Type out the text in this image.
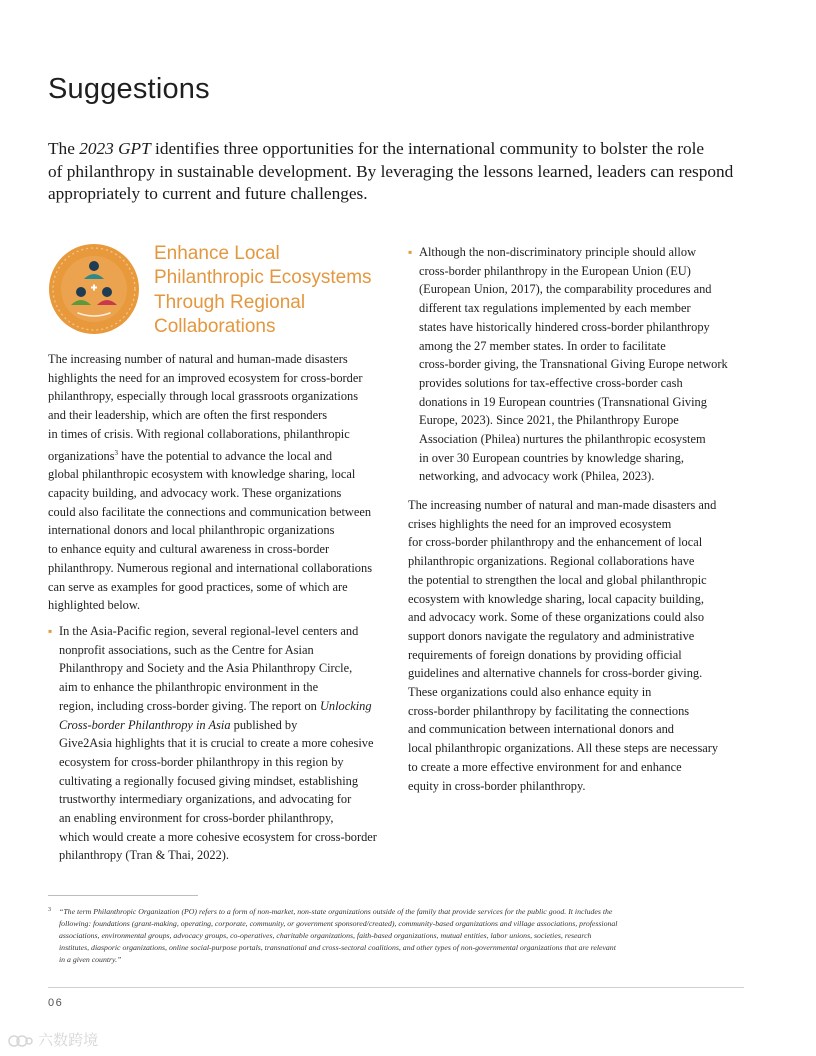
Suggestions
The 2023 GPT identifies three opportunities for the international community to bolster the role
of philanthropy in sustainable development. By leveraging the lessons learned, leaders can respond
appropriately to current and future challenges.
Enhance Local
Philanthropic Ecosystems
Through Regional
Collaborations
The increasing number of natural and human-made disasters
highlights the need for an improved ecosystem for cross-border
philanthropy, especially through local grassroots organizations
and their leadership, which are often the first responders
in times of crisis. With regional collaborations, philanthropic
organizations$^3$ have the potential to advance the local and
global philanthropic ecosystem with knowledge sharing, local
capacity building, and advocacy work. These organizations
could also facilitate the connections and communication between
international donors and local philanthropic organizations
to enhance equity and cultural awareness in cross-border
philanthropy. Numerous regional and international collaborations
can serve as examples for good practices, some of which are
highlighted below.
▪ In the Asia-Pacific region, several regional-level centers and
nonprofit associations, such as the Centre for Asian
Philanthropy and Society and the Asia Philanthropy Circle,
aim to enhance the philanthropic environment in the
region, including cross-border giving. The report on Unlocking
Cross-border Philanthropy in Asia published by
Give2Asia highlights that it is crucial to create a more cohesive
ecosystem for cross-border philanthropy in this region by
cultivating a regionally focused giving mindset, establishing
trustworthy intermediary organizations, and advocating for
an enabling environment for cross-border philanthropy,
which would create a more cohesive ecosystem for cross-border
philanthropy (Tran & Thai, 2022).
▪ Although the non-discriminatory principle should allow
cross-border philanthropy in the European Union (EU)
(European Union, 2017), the comparability procedures and
different tax regulations implemented by each member
states have historically hindered cross-border philanthropy
among the 27 member states. In order to facilitate
cross-border giving, the Transnational Giving Europe network
provides solutions for tax-effective cross-border cash
donations in 19 European countries (Transnational Giving
Europe, 2023). Since 2021, the Philanthropy Europe
Association (Philea) nurtures the philanthropic ecosystem
in over 30 European countries by knowledge sharing,
networking, and advocacy work (Philea, 2023).
The increasing number of natural and man-made disasters and
crises highlights the need for an improved ecosystem
for cross-border philanthropy and the enhancement of local
philanthropic organizations. Regional collaborations have
the potential to strengthen the local and global philanthropic
ecosystem with knowledge sharing, local capacity building,
and advocacy work. Some of these organizations could also
support donors navigate the regulatory and administrative
requirements of foreign donations by providing official
guidelines and alternative channels for cross-border giving.
These organizations could also enhance equity in
cross-border philanthropy by facilitating the connections
and communication between international donors and
local philanthropic organizations. All these steps are necessary
to create a more effective environment for and enhance
equity in cross-border philanthropy.
3 “The term Philanthropic Organization (PO) refers to a form of non-market, non-state organizations outside of the family that provide services for the public good. It includes the
following: foundations (grant-making, operating, corporate, community, or government sponsored/created), community-based organizations and village associations, professional
associations, environmental groups, advocacy groups, co-operatives, charitable organizations, faith-based organizations, mutual entities, labor unions, societies, research
institutes, diasporic organizations, online social-purpose portals, transnational and cross-sectoral coalitions, and other types of non-governmental organizations that are relevant
in a given country.”
06
六数跨境
